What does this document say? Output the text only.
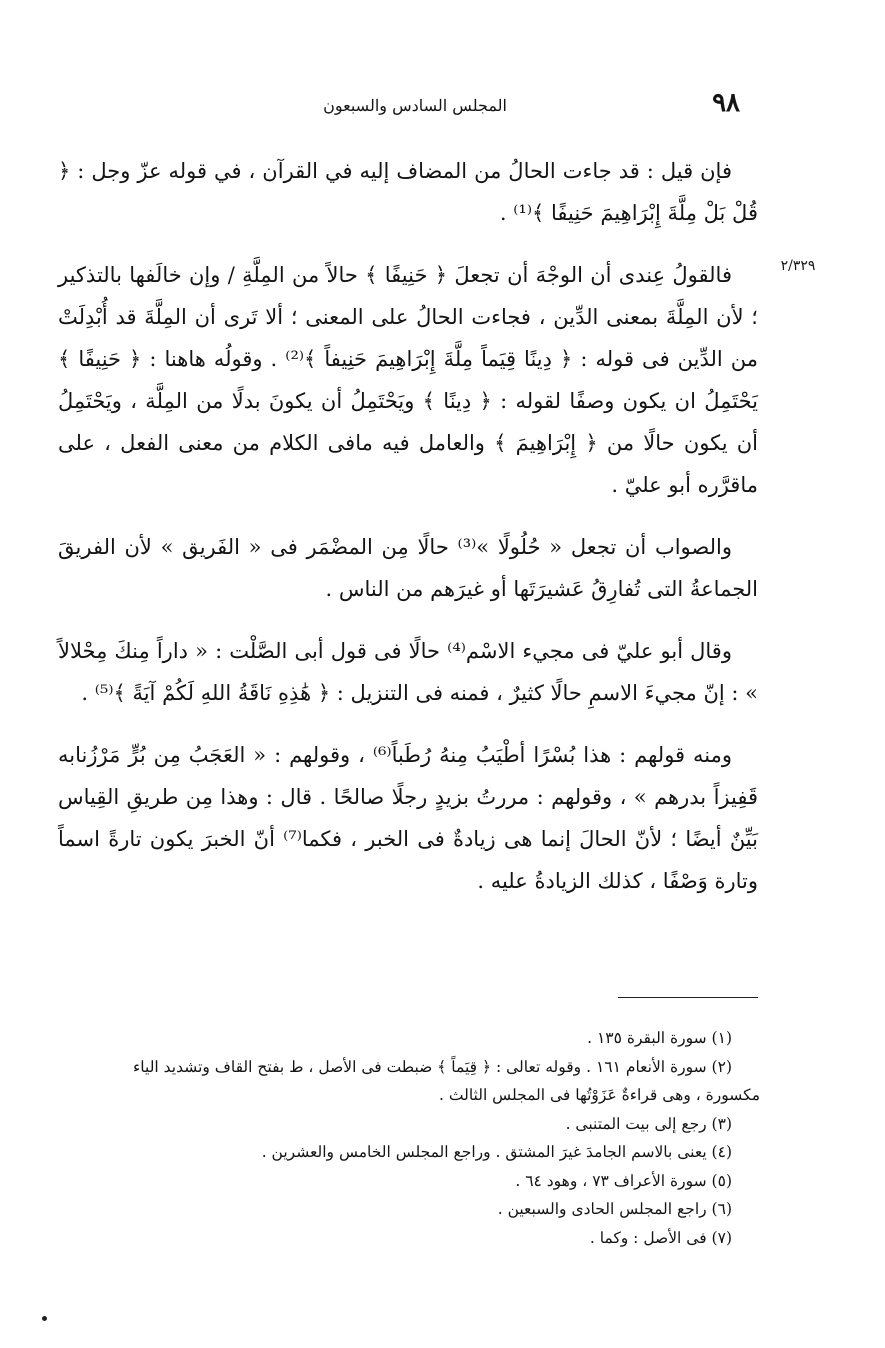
٩٨
المجلس السادس والسبعون
٢/٣٢٩

فإن قيل : قد جاءت الحالُ من المضاف إليه في القرآن ، في قوله عزّ وجل : ﴿ قُلْ بَلْ مِلَّةَ إِبْرَاهِيمَ حَنِيفًا ﴾⁽¹⁾ .

فالقولُ عِندى أن الوجْهَ أن تجعلَ ﴿ حَنِيفًا ﴾ حالاً من المِلَّةِ / وإن خالَفها بالتذكير ؛ لأن المِلَّةَ بمعنى الدِّين ، فجاءت الحالُ على المعنى ؛ ألا تَرى أن المِلَّةَ قد أُبْدِلَتْ من الدِّين فى قوله : ﴿ دِينًا قِيَماً مِلَّةَ إِبْرَاهِيمَ حَنِيفاً ﴾⁽²⁾ . وقولُه هاهنا : ﴿ حَنِيفًا ﴾ يَحْتَمِلُ ان يكون وصفًا لقوله : ﴿ دِينًا ﴾ ويَحْتَمِلُ أن يكونَ بدلًا من المِلَّة ، ويَحْتَمِلُ أن يكون حالًا من ﴿ إِبْرَاهِيمَ ﴾ والعامل فيه مافى الكلام من معنى الفعل ، على ماقرَّره أبو عليّ .

والصواب أن تجعل « حُلُولًا »⁽³⁾ حالًا مِن المضْمَر فى « الفَريق » لأن الفريقَ الجماعةُ التى تُفارِقُ عَشيرَتَها أو غيرَهم من الناس .

وقال أبو عليّ فى مجيء الاسْم⁽⁴⁾ حالًا فى قول أبى الصَّلْت : « داراً مِنكَ مِحْلالاً » : إنّ مجيءَ الاسمِ حالًا كثيرٌ ، فمنه فى التنزيل : ﴿ هَٰذِهِ نَاقَةُ اللهِ لَكُمْ آيَةً ﴾⁽⁵⁾ .

ومنه قولهم : هذا بُسْرًا أطْيَبُ مِنهُ رُطَباً⁽⁶⁾ ، وقولهم : « العَجَبُ مِن بُرٍّ مَرْزُنابه قَفِيزاً بدرهم » ، وقولهم : مررتُ بزيدٍ رجلًا صالحًا . قال : وهذا مِن طريقِ القِياس بَيِّنٌ أيضًا ؛ لأنّ الحالَ إنما هى زيادةٌ فى الخبر ، فكما⁽⁷⁾ أنّ الخبرَ يكون تارةً اسماً وتارة وَصْفًا ، كذلك الزيادةُ عليه .

(١) سورة البقرة ١٣٥ .

(٢) سورة الأنعام ١٦١ . وقوله تعالى : ﴿ قِيَماً ﴾ ضبطت فى الأصل ، ط بفتح القاف وتشديد الياء

مكسورة ، وهى قراءةٌ عَزَوْتُها فى المجلس الثالث .

(٣) رجع إلى بيت المتنبى .

(٤) يعنى بالاسم الجامدَ غيرَ المشتق . وراجع المجلس الخامس والعشرين .

(٥) سورة الأعراف ٧٣ ، وهود ٦٤ .

(٦) راجع المجلس الحادى والسبعين .

(٧) فى الأصل : وكما .
